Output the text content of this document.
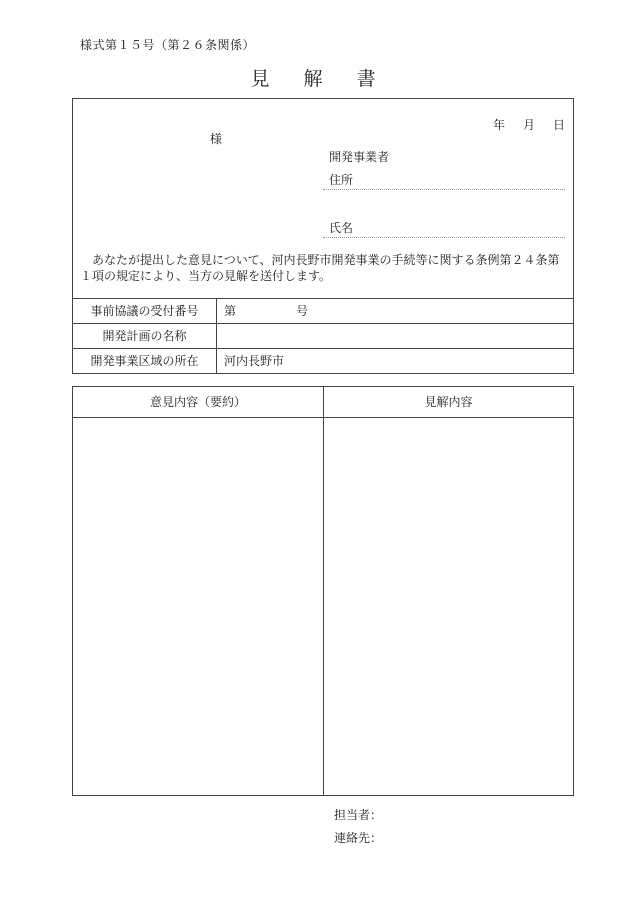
様式第１５号（第２６条関係）
見 解 書
年 月 日
様
開発事業者
住所
氏名
あなたが提出した意見について、河内長野市開発事業の手続等に関する条例第２４条第１項の規定により、当方の見解を送付します。
事前協議の受付番号	第　　　　　号
開発計画の名称
開発事業区域の所在	河内長野市
意見内容（要約）	見解内容
担当者：
連絡先：
